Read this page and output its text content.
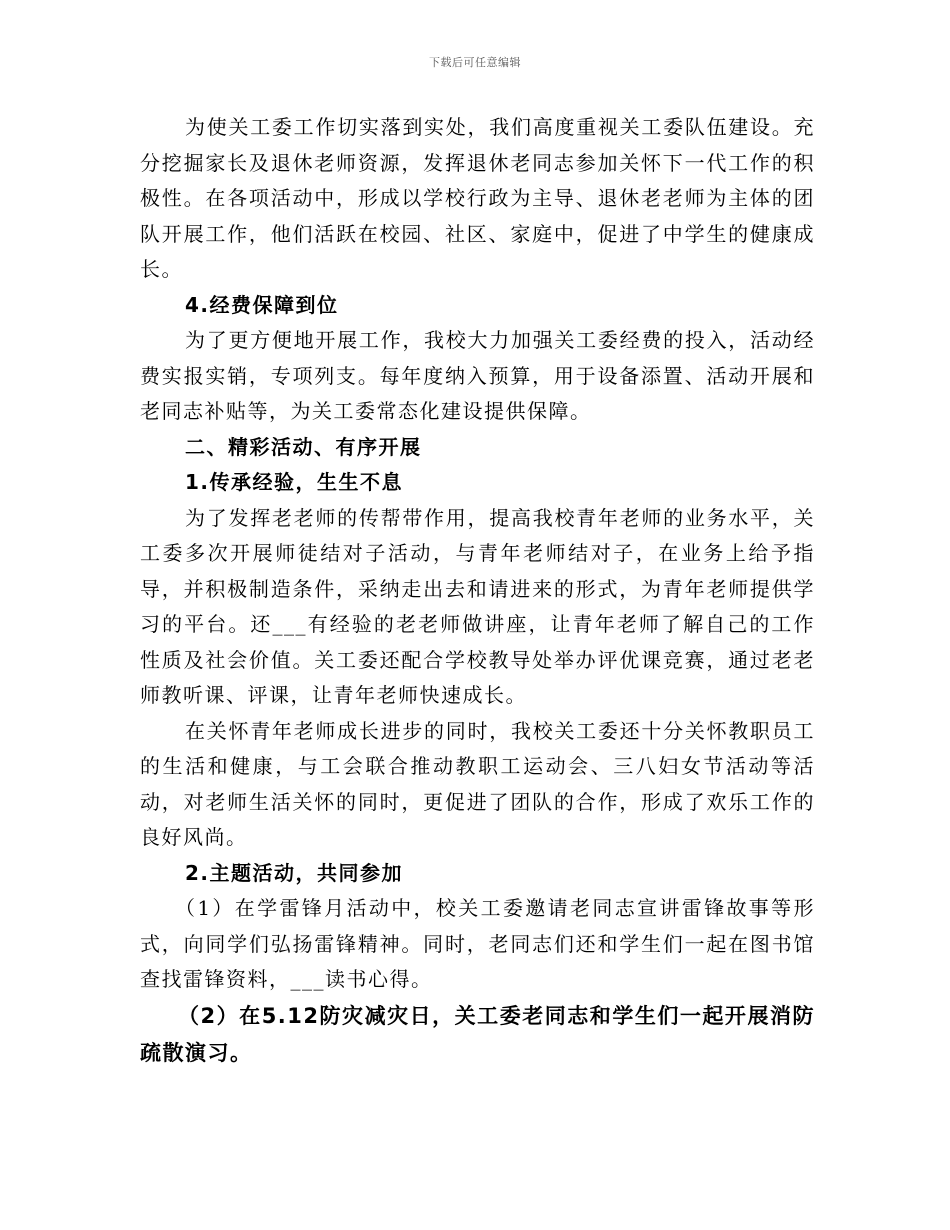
下载后可任意编辑

为使关工委工作切实落到实处，我们高度重视关工委队伍建设。充分挖掘家长及退休老师资源，发挥退休老同志参加关怀下一代工作的积极性。在各项活动中，形成以学校行政为主导、退休老老师为主体的团队开展工作，他们活跃在校园、社区、家庭中，促进了中学生的健康成长。

4.经费保障到位

为了更方便地开展工作，我校大力加强关工委经费的投入，活动经费实报实销，专项列支。每年度纳入预算，用于设备添置、活动开展和老同志补贴等，为关工委常态化建设提供保障。

二、精彩活动、有序开展

1.传承经验，生生不息

为了发挥老老师的传帮带作用，提高我校青年老师的业务水平，关工委多次开展师徒结对子活动，与青年老师结对子，在业务上给予指导，并积极制造条件，采纳走出去和请进来的形式，为青年老师提供学习的平台。还___有经验的老老师做讲座，让青年老师了解自己的工作性质及社会价值。关工委还配合学校教导处举办评优课竞赛，通过老老师教听课、评课，让青年老师快速成长。

在关怀青年老师成长进步的同时，我校关工委还十分关怀教职员工的生活和健康，与工会联合推动教职工运动会、三八妇女节活动等活动，对老师生活关怀的同时，更促进了团队的合作，形成了欢乐工作的良好风尚。

2.主题活动，共同参加

（1）在学雷锋月活动中，校关工委邀请老同志宣讲雷锋故事等形式，向同学们弘扬雷锋精神。同时，老同志们还和学生们一起在图书馆查找雷锋资料，___读书心得。

（2）在5.12防灾减灾日，关工委老同志和学生们一起开展消防疏散演习。
